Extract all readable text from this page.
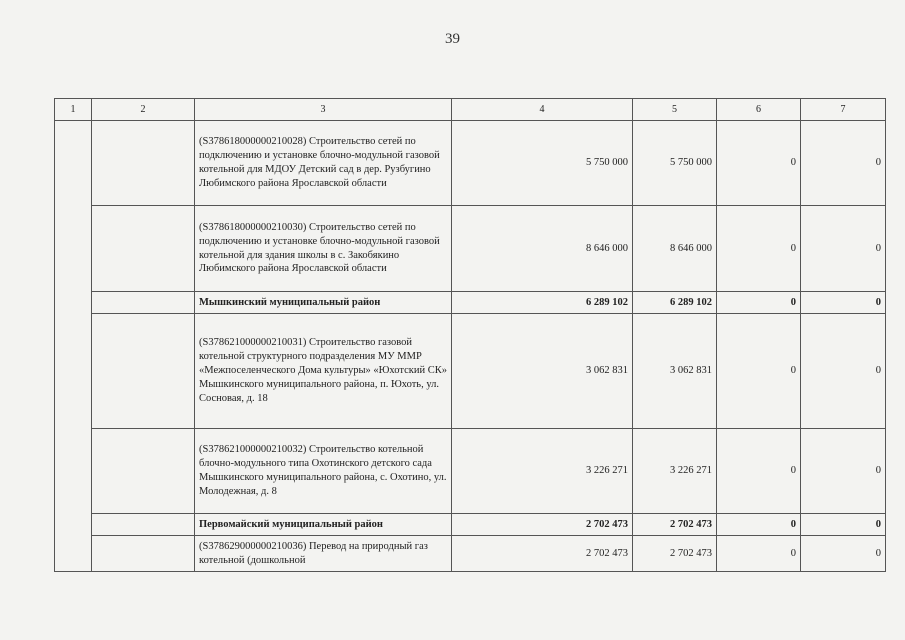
39
1	2	3	4	5	6	7
		(S378618000000210028) Строительство сетей по подключению и установке блочно-модульной газовой котельной для МДОУ Детский сад в дер. Рузбугино Любимского района Ярославской области	5 750 000	5 750 000	0	0
		(S378618000000210030) Строительство сетей по подключению и установке блочно-модульной газовой котельной для здания школы в с. Закобякино Любимского района Ярославской области	8 646 000	8 646 000	0	0
		Мышкинский муниципальный район	6 289 102	6 289 102	0	0
		(S378621000000210031) Строительство газовой котельной структурного подразделения МУ ММР «Межпоселенческого Дома культуры» «Юхотский СК» Мышкинского муниципального района, п. Юхоть, ул. Сосновая, д. 18	3 062 831	3 062 831	0	0
		(S378621000000210032) Строительство котельной блочно-модульного типа Охотинского детского сада Мышкинского муниципального района, с. Охотино, ул. Молодежная, д. 8	3 226 271	3 226 271	0	0
		Первомайский муниципальный район	2 702 473	2 702 473	0	0
		(S378629000000210036) Перевод на природный газ котельной (дошкольной	2 702 473	2 702 473	0	0
